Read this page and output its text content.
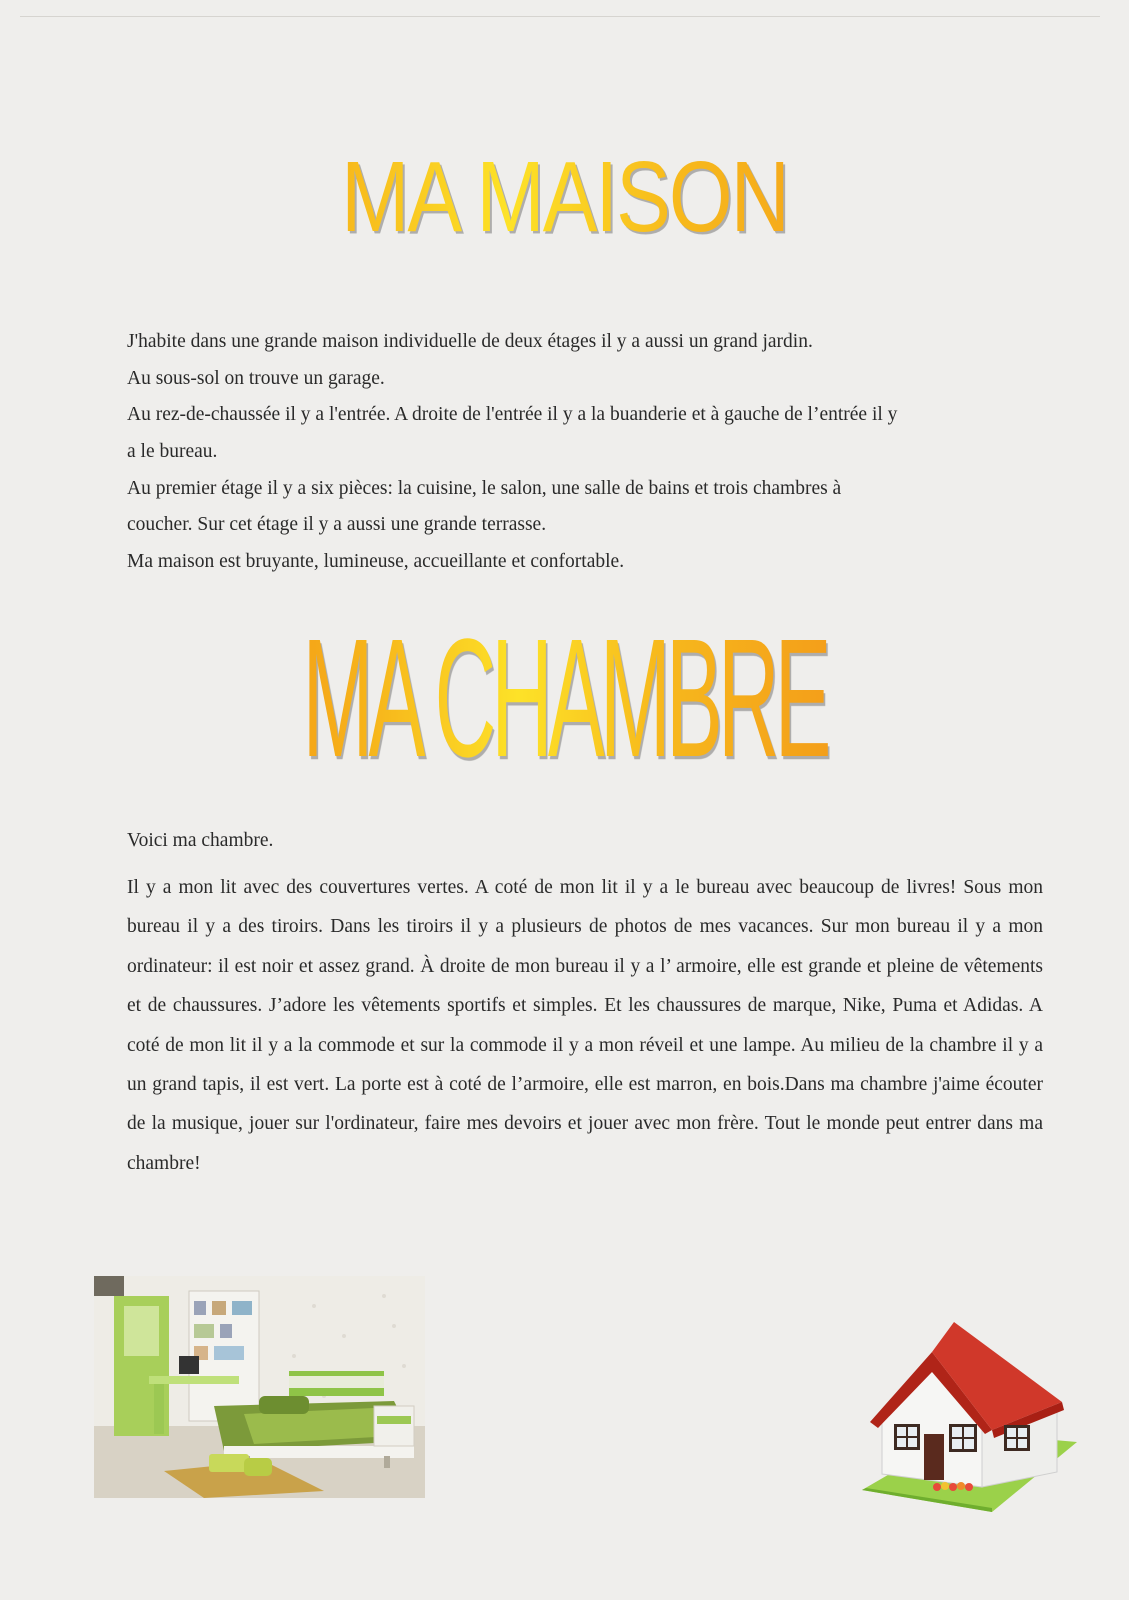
MA MAISON
J'habite dans une grande maison individuelle de deux étages il y a aussi un grand jardin.
Au sous-sol on trouve un garage.
Au rez-de-chaussée il y a l'entrée. A droite de l'entrée il y a la buanderie et à gauche de l’entrée il y
a le bureau.
Au premier étage il y a six pièces: la cuisine, le salon, une salle de bains et trois chambres à
coucher. Sur cet étage il y a aussi une grande terrasse.
Ma maison est bruyante, lumineuse, accueillante et confortable.
MA CHAMBRE

Voici ma chambre.

Il y a mon lit avec des couvertures vertes. A coté de mon lit il y a le bureau avec beaucoup de livres! Sous mon bureau il y a des tiroirs. Dans les tiroirs il y a plusieurs de photos de mes vacances. Sur mon bureau il y a mon ordinateur: il est noir et assez grand. À droite de mon bureau il y a l’ armoire, elle est grande et pleine de vêtements et de chaussures. J’adore les vêtements sportifs et simples. Et les chaussures de marque, Nike, Puma et Adidas. A coté de mon lit il y a la commode et sur la commode il y a mon réveil et une lampe. Au milieu de la chambre il y a un grand tapis, il est vert. La porte est à coté de l’armoire, elle est marron, en bois.Dans ma chambre j'aime écouter de la musique, jouer sur l'ordinateur, faire mes devoirs et jouer avec mon frère. Tout le monde peut entrer dans ma chambre!
